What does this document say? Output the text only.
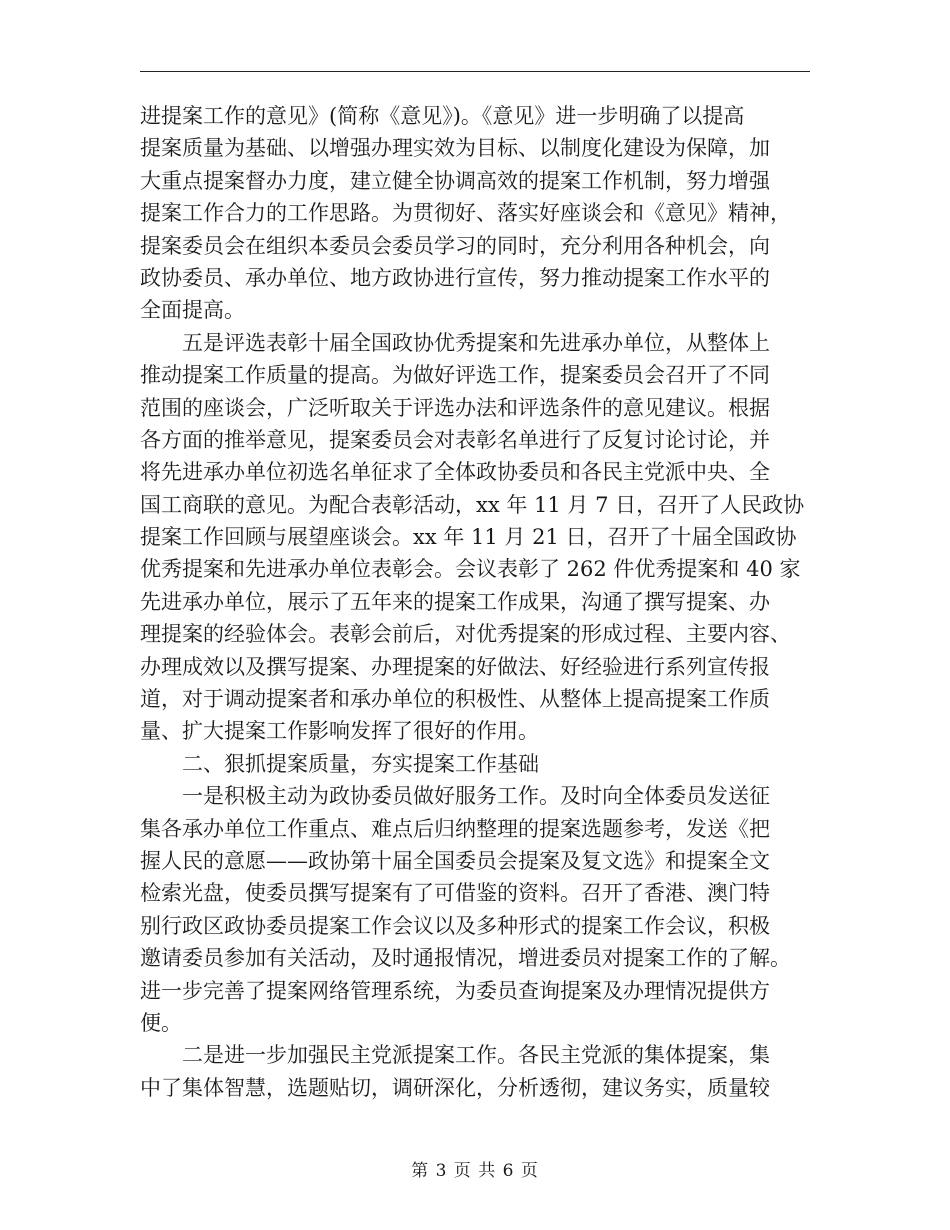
进提案工作的意见》(简称《意见》)。《意见》进一步明确了以提高
提案质量为基础、以增强办理实效为目标、以制度化建设为保障，加
大重点提案督办力度，建立健全协调高效的提案工作机制，努力增强
提案工作合力的工作思路。为贯彻好、落实好座谈会和《意见》精神，
提案委员会在组织本委员会委员学习的同时，充分利用各种机会，向
政协委员、承办单位、地方政协进行宣传，努力推动提案工作水平的
全面提高。
　　五是评选表彰十届全国政协优秀提案和先进承办单位，从整体上
推动提案工作质量的提高。为做好评选工作，提案委员会召开了不同
范围的座谈会，广泛听取关于评选办法和评选条件的意见建议。根据
各方面的推举意见，提案委员会对表彰名单进行了反复讨论讨论，并
将先进承办单位初选名单征求了全体政协委员和各民主党派中央、全
国工商联的意见。为配合表彰活动，xx 年 11 月 7 日，召开了人民政协
提案工作回顾与展望座谈会。xx 年 11 月 21 日，召开了十届全国政协
优秀提案和先进承办单位表彰会。会议表彰了 262 件优秀提案和 40 家
先进承办单位，展示了五年来的提案工作成果，沟通了撰写提案、办
理提案的经验体会。表彰会前后，对优秀提案的形成过程、主要内容、
办理成效以及撰写提案、办理提案的好做法、好经验进行系列宣传报
道，对于调动提案者和承办单位的积极性、从整体上提高提案工作质
量、扩大提案工作影响发挥了很好的作用。
　　二、狠抓提案质量，夯实提案工作基础
　　一是积极主动为政协委员做好服务工作。及时向全体委员发送征
集各承办单位工作重点、难点后归纳整理的提案选题参考，发送《把
握人民的意愿——政协第十届全国委员会提案及复文选》和提案全文
检索光盘，使委员撰写提案有了可借鉴的资料。召开了香港、澳门特
别行政区政协委员提案工作会议以及多种形式的提案工作会议，积极
邀请委员参加有关活动，及时通报情况，增进委员对提案工作的了解。
进一步完善了提案网络管理系统，为委员查询提案及办理情况提供方
便。
　　二是进一步加强民主党派提案工作。各民主党派的集体提案，集
中了集体智慧，选题贴切，调研深化，分析透彻，建议务实，质量较
第 3 页 共 6 页
